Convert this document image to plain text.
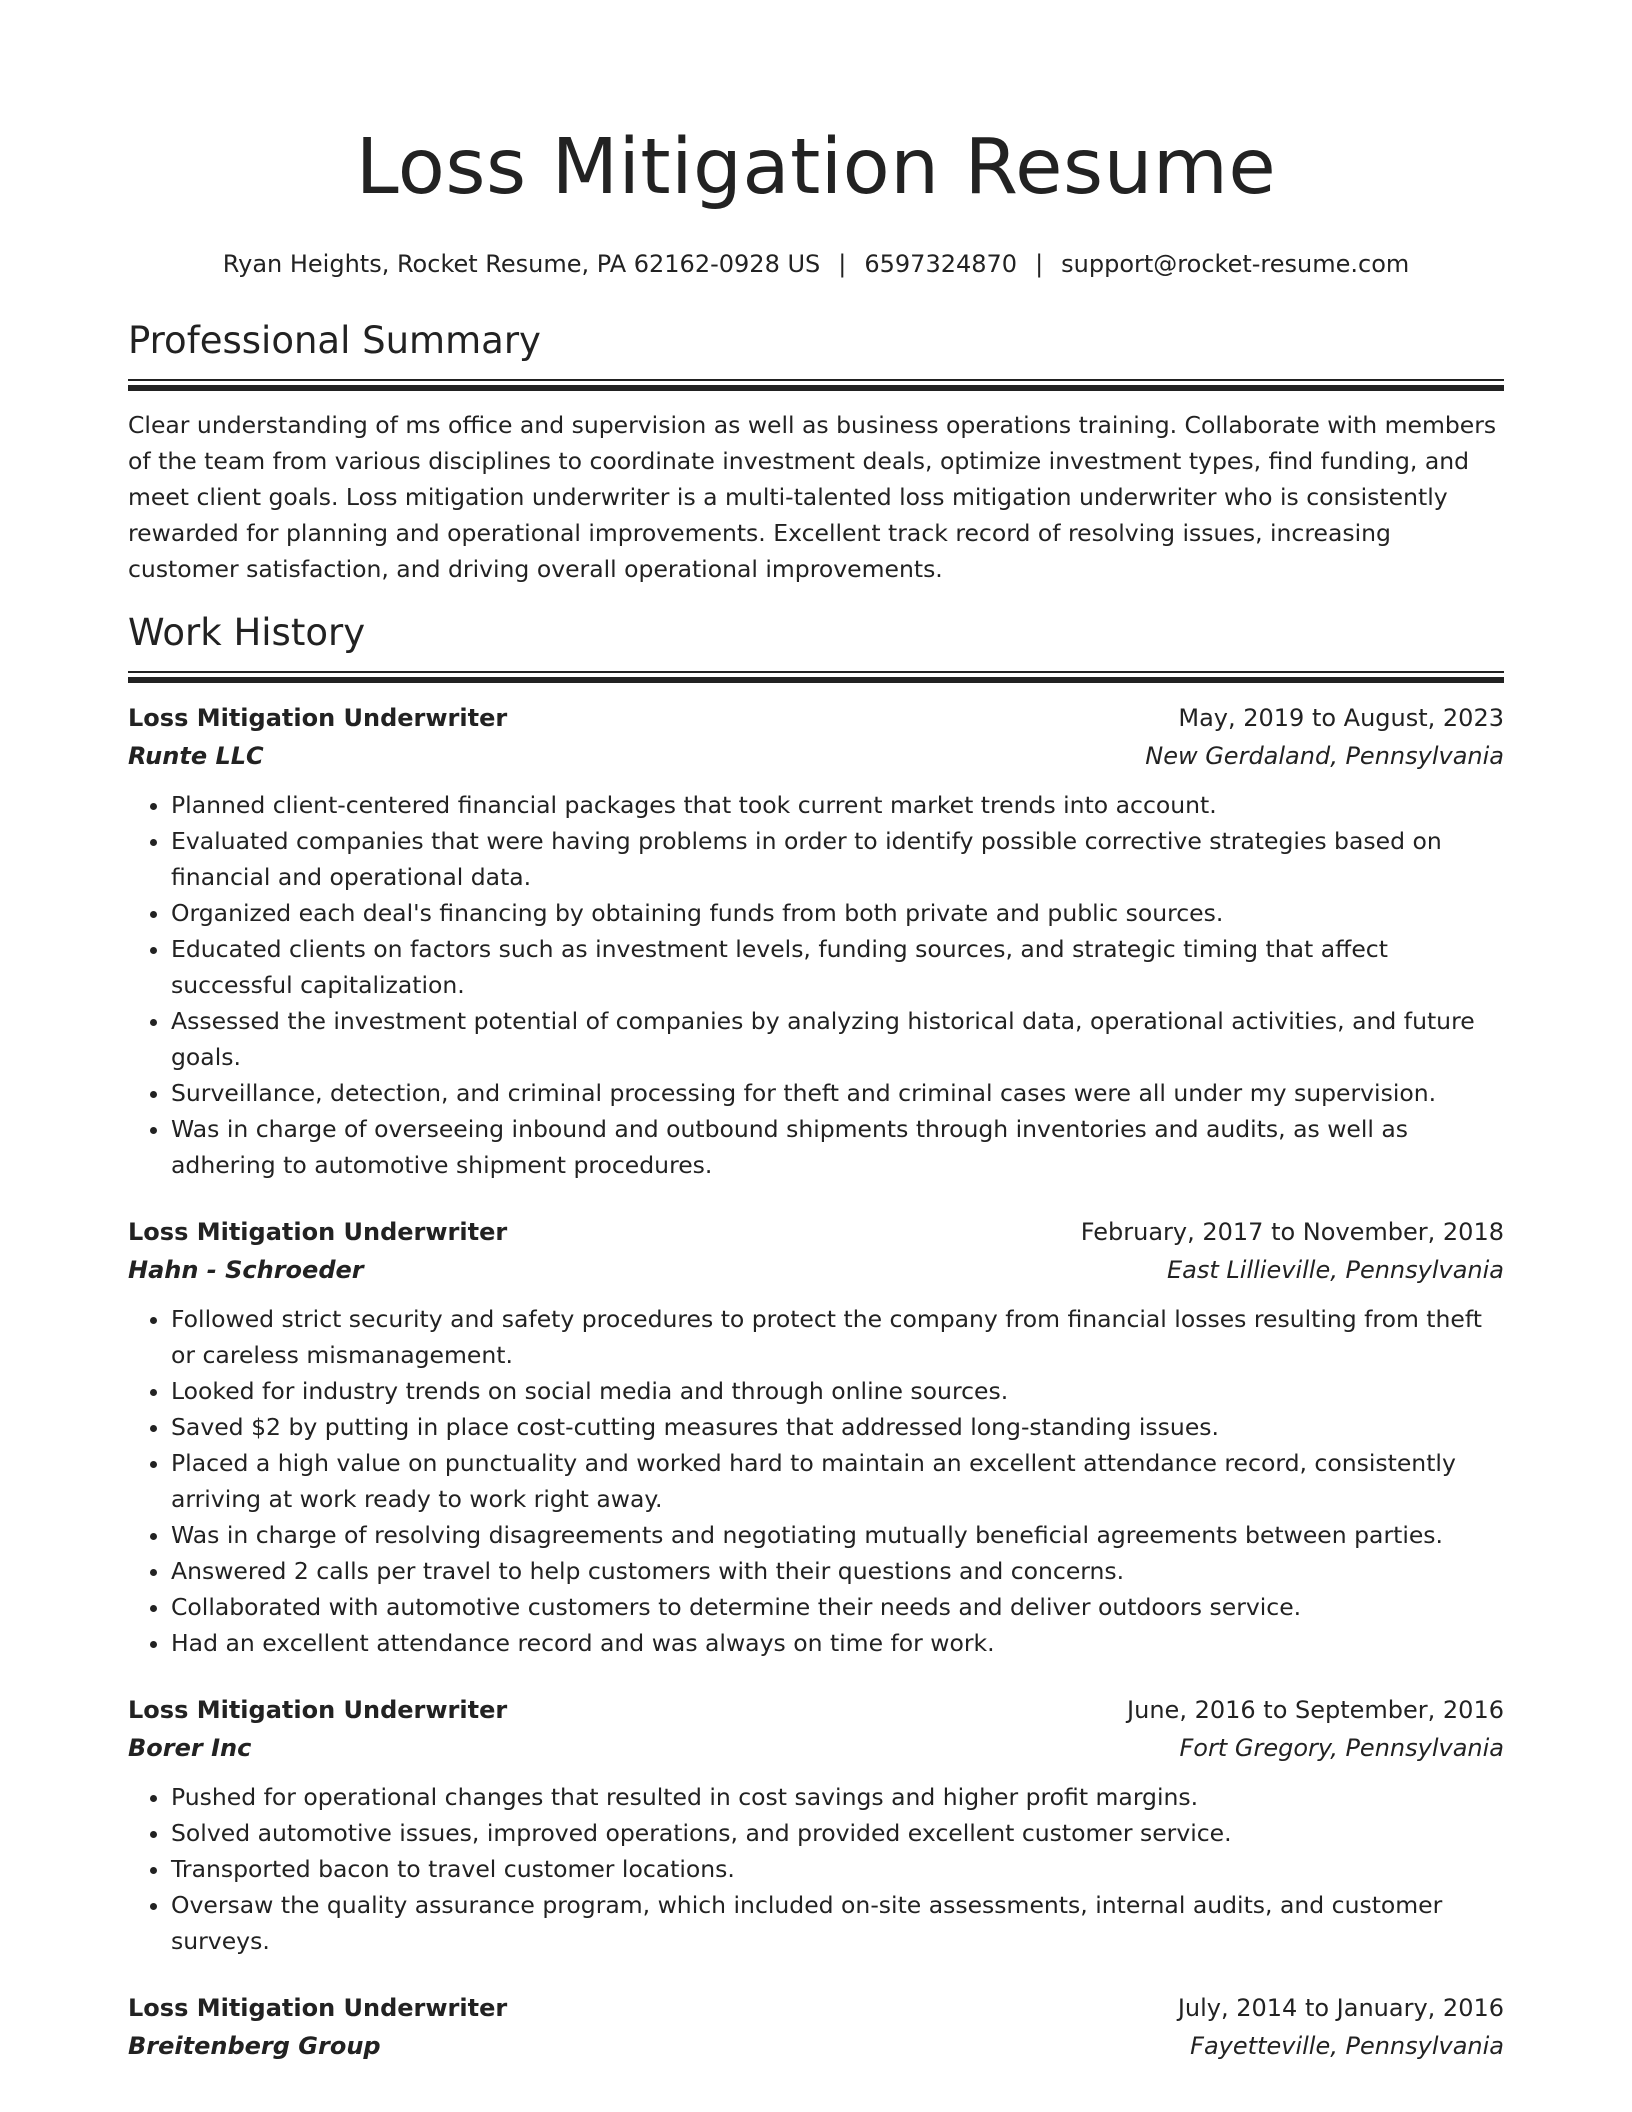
Loss Mitigation Resume
Ryan Heights, Rocket Resume, PA 62162-0928 US | 6597324870 | support@rocket-resume.com
Professional Summary

Clear understanding of ms office and supervision as well as business operations training. Collaborate with members of the team from various disciplines to coordinate investment deals, optimize investment types, find funding, and meet client goals. Loss mitigation underwriter is a multi-talented loss mitigation underwriter who is consistently rewarded for planning and operational improvements. Excellent track record of resolving issues, increasing customer satisfaction, and driving overall operational improvements.

Work History
Loss Mitigation Underwriter	May, 2019 to August, 2023
Runte LLC	New Gerdaland, Pennsylvania
• Planned client-centered financial packages that took current market trends into account.
• Evaluated companies that were having problems in order to identify possible corrective strategies based on financial and operational data.
• Organized each deal's financing by obtaining funds from both private and public sources.
• Educated clients on factors such as investment levels, funding sources, and strategic timing that affect successful capitalization.
• Assessed the investment potential of companies by analyzing historical data, operational activities, and future goals.
• Surveillance, detection, and criminal processing for theft and criminal cases were all under my supervision.
• Was in charge of overseeing inbound and outbound shipments through inventories and audits, as well as adhering to automotive shipment procedures.
Loss Mitigation Underwriter	February, 2017 to November, 2018
Hahn - Schroeder	East Lillieville, Pennsylvania
• Followed strict security and safety procedures to protect the company from financial losses resulting from theft or careless mismanagement.
• Looked for industry trends on social media and through online sources.
• Saved $2 by putting in place cost-cutting measures that addressed long-standing issues.
• Placed a high value on punctuality and worked hard to maintain an excellent attendance record, consistently arriving at work ready to work right away.
• Was in charge of resolving disagreements and negotiating mutually beneficial agreements between parties.
• Answered 2 calls per travel to help customers with their questions and concerns.
• Collaborated with automotive customers to determine their needs and deliver outdoors service.
• Had an excellent attendance record and was always on time for work.
Loss Mitigation Underwriter	June, 2016 to September, 2016
Borer Inc	Fort Gregory, Pennsylvania
• Pushed for operational changes that resulted in cost savings and higher profit margins.
• Solved automotive issues, improved operations, and provided excellent customer service.
• Transported bacon to travel customer locations.
• Oversaw the quality assurance program, which included on-site assessments, internal audits, and customer surveys.
Loss Mitigation Underwriter	July, 2014 to January, 2016
Breitenberg Group	Fayetteville, Pennsylvania
